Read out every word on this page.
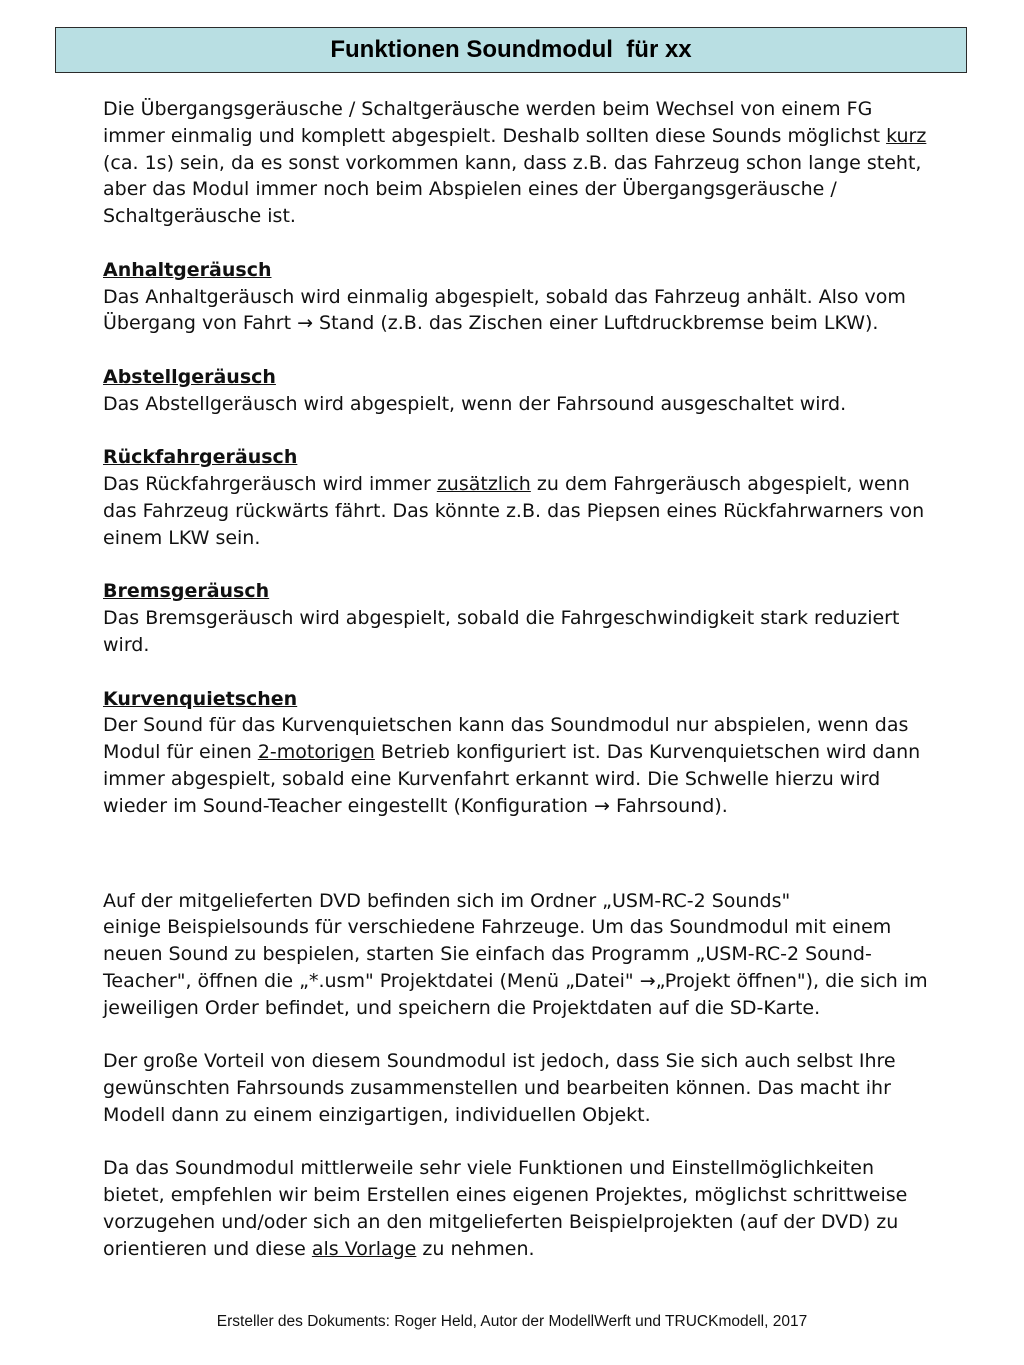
Funktionen Soundmodul  für xx

Die Übergangsgeräusche / Schaltgeräusche werden beim Wechsel von einem FG immer einmalig und komplett abgespielt. Deshalb sollten diese Sounds möglichst kurz (ca. 1s) sein, da es sonst vorkommen kann, dass z.B. das Fahrzeug schon lange steht, aber das Modul immer noch beim Abspielen eines der Übergangsgeräusche / Schaltgeräusche ist.

Anhaltgeräusch

Das Anhaltgeräusch wird einmalig abgespielt, sobald das Fahrzeug anhält. Also vom Übergang von Fahrt → Stand (z.B. das Zischen einer Luftdruckbremse beim LKW).

Abstellgeräusch

Das Abstellgeräusch wird abgespielt, wenn der Fahrsound ausgeschaltet wird.

Rückfahrgeräusch

Das Rückfahrgeräusch wird immer zusätzlich zu dem Fahrgeräusch abgespielt, wenn das Fahrzeug rückwärts fährt. Das könnte z.B. das Piepsen eines Rückfahrwarners von einem LKW sein.

Bremsgeräusch

Das Bremsgeräusch wird abgespielt, sobald die Fahrgeschwindigkeit stark reduziert wird.

Kurvenquietschen

Der Sound für das Kurvenquietschen kann das Soundmodul nur abspielen, wenn das Modul für einen 2-motorigen Betrieb konfiguriert ist. Das Kurvenquietschen wird dann immer abgespielt, sobald eine Kurvenfahrt erkannt wird. Die Schwelle hierzu wird wieder im Sound-Teacher eingestellt (Konfiguration → Fahrsound).

Auf der mitgelieferten DVD befinden sich im Ordner „USM-RC-2 Sounds"
einige Beispielsounds für verschiedene Fahrzeuge. Um das Soundmodul mit einem neuen Sound zu bespielen, starten Sie einfach das Programm „USM-RC-2 Sound-Teacher", öffnen die „*.usm" Projektdatei (Menü „Datei" →„Projekt öffnen"), die sich im jeweiligen Order befindet, und speichern die Projektdaten auf die SD-Karte.

Der große Vorteil von diesem Soundmodul ist jedoch, dass Sie sich auch selbst Ihre gewünschten Fahrsounds zusammenstellen und bearbeiten können. Das macht ihr Modell dann zu einem einzigartigen, individuellen Objekt.

Da das Soundmodul mittlerweile sehr viele Funktionen und Einstellmöglichkeiten bietet, empfehlen wir beim Erstellen eines eigenen Projektes, möglichst schrittweise vorzugehen und/oder sich an den mitgelieferten Beispielprojekten (auf der DVD) zu orientieren und diese als Vorlage zu nehmen.

Ersteller des Dokuments: Roger Held, Autor der ModellWerft und TRUCKmodell, 2017
